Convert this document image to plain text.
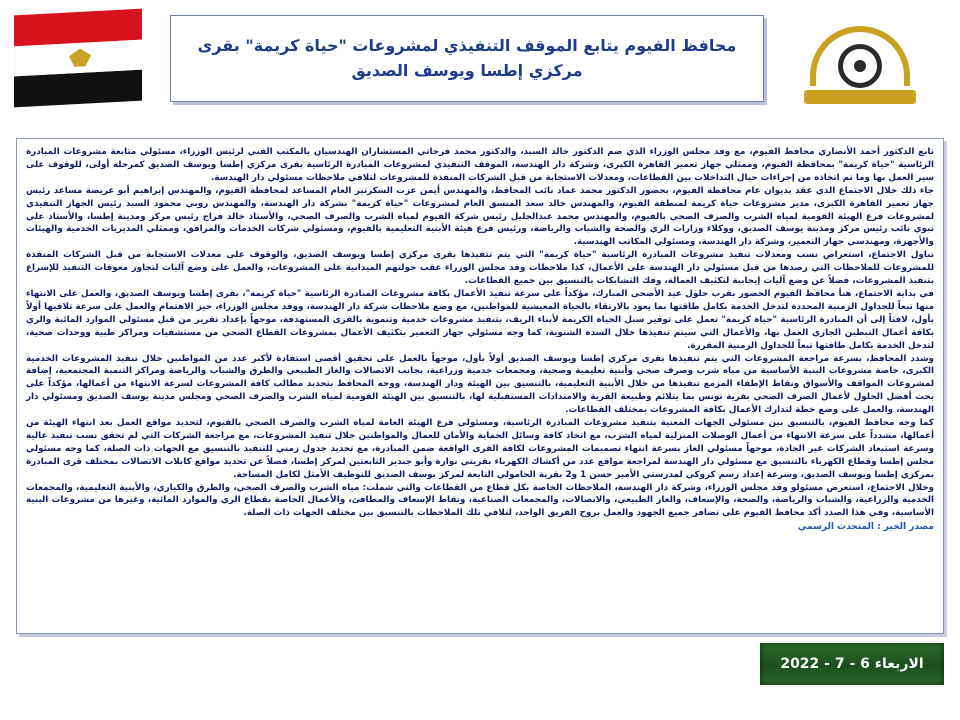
محافظ الفيوم يتابع الموقف التنفيذي لمشروعات "حياة كريمة" بقرى مركزي إطسا ويوسف الصديق

تابع الدكتور أحمد الأنصاري محافظ الفيوم، مع وفد مجلس الوزراء الذي ضم الدكتور خالد السيد، والدكتور محمد فرحاتي المستشاران الهندسيان بالمكتب الفني لرئيس الوزراء، مسئولي متابعة مشروعات المبادرة الرئاسية "حياة كريمة" بمحافظة الفيوم، وممثلي جهاز تعمير القاهرة الكبرى، وشركة دار الهندسة، الموقف التنفيذي لمشروعات المبادرة الرئاسية بقرى مركزي إطسا ويوسف الصديق كمرحلة أولى، للوقوف على سير العمل بها وما تم اتخاذه من إجراءات حيال التداخلات بين القطاعات، ومعدلات الاستجابة من قبل الشركات المنفذة للمشروعات لتلافي ملاحظات مسئولي دار الهندسة.

جاء ذلك خلال الاجتماع الذي عقد بديوان عام محافظة الفيوم، بحضور الدكتور محمد عماد نائب المحافظ، والمهندس أيمن عزت السكرتير العام المساعد لمحافظة الفيوم، والمهندس إبراهيم أبو عريضة مساعد رئيس جهاز تعمير القاهرة الكبرى، مدير مشروعات حياة كريمة لمنطقة الفيوم، والمهندس خالد سعد المنسق العام لمشروعات "حياة كريمة" بشركة دار الهندسة، والمهندس روبي محمود السيد رئيس الجهاز التنفيذي لمشروعات فرع الهيئة القومية لمياه الشرب والصرف الصحي بالفيوم، والمهندس محمد عبدالجليل رئيس شركة الفيوم لمياه الشرب والصرف الصحي، والأستاذ خالد فراج رئيس مركز ومدينة إطسا، والأستاذ علي نبوي نائب رئيس مركز ومدينة يوسف الصديق، ووكلاء وزارات الري والصحة والشباب والرياضة، ورئيس فرع هيئة الأبنية التعليمية بالفيوم، ومسئولي شركات الخدمات والمرافق، وممثلي المديريات الخدمية والهيئات والأجهزة، ومهندسي جهاز التعمير، وشركة دار الهندسة، ومسئولي المكاتب الهندسية.

تناول الاجتماع، استعراض نسب ومعدلات تنفيذ مشروعات المبادرة الرئاسية "حياة كريمة" التي يتم تنفيذها بقرى مركزي إطسا ويوسف الصديق، والوقوف على معدلات الاستجابة من قبل الشركات المنفذة للمشروعات للملاحظات التي رصدها من قبل مسئولي دار الهندسة على الأعمال، كذا ملاحظات وفد مجلس الوزراء عقب جولتهم الميدانية على المشروعات، والعمل على وضع آليات لتجاوز معوقات التنفيذ للإسراع بتنفيذ المشروعات، فضلاً عن وضع آليات إيجابية لتكثيف العمالة، وفك التشابكات بالتنسيق بين جميع القطاعات.

في بداية الاجتماع، هنأ محافظ الفيوم الحضور بقرب حلول عيد الأضحى المبارك، مؤكداً على سرعة تنفيذ الأعمال بكافة مشروعات المبادرة الرئاسية "حياة كريمة"، بقرى إطسا ويوسف الصديق، والعمل على الانتهاء منها تبعاً للجداول الزمنية المحددة لتدخل الخدمة بكامل طاقتها بما يعود بالارتقاء بالحياة المعيشية للمواطنين، مع وضع ملاحظات شركة دار الهندسة، ووفد مجلس الوزراء، حيز الاهتمام والعمل على سرعة تلافيها أولاً بأول، لافتاً إلى أن المبادرة الرئاسية "حياة كريمة" تعمل على توفير سبل الحياة الكريمة لأبناء الريف، بتنفيذ مشروعات خدمية وتنموية بالقرى المستهدفة، موجهاً بإعداد تقرير من قبل مسئولي الموارد المائية والري بكافة أعمال التبطين الجاري العمل بها، والأعمال التي سيتم تنفيذها خلال السدة الشتوية، كما وجه مسئولي جهاز التعمير بتكثيف الأعمال بمشروعات القطاع الصحي من مستشفيات ومراكز طبية ووحدات صحية، لتدخل الخدمة بكامل طاقتها تبعاً للجداول الزمنية المقررة.

وشدد المحافظ، بسرعة مراجعة المشروعات التي يتم تنفيذها بقرى مركزي إطسا ويوسف الصديق أولاً بأول، موجهاً بالعمل على تحقيق أقصى استفادة لأكبر عدد من المواطنين خلال تنفيذ المشروعات الخدمية الكبرى، خاصة مشروعات البنية الأساسية من مياه شرب وصرف صحي وأبنية تعليمية وصحية، ومجمعات خدمية وزراعية، بجانب الاتصالات والغاز الطبيعي والطرق والشباب والرياضة ومراكز التنمية المجتمعية، إضافة لمشروعات المواقف والأسواق ونقاط الإطفاء المزمع تنفيذها من خلال الأبنية التعليمية، بالتنسيق بين الهيئة ودار الهندسة، ووجه المحافظ بتحديد مطالب كافة المشروعات لسرعة الانتهاء من أعمالها، مؤكداً على بحث أفضل الحلول لأعمال الصرف الصحي بقرية تونس بما يتلائم وطبيعة القرية والامتدادات المستقبلية لها، بالتنسيق بين الهيئة القومية لمياه الشرب والصرف الصحي ومجلس مدينة يوسف الصديق ومسئولي دار الهندسة، والعمل على وضع خطة لتدارك الأعمال بكافة المشروعات بمختلف القطاعات.

كما وجه محافظ الفيوم، بالتنسيق بين مسئولي الجهات المعنية بتنفيذ مشروعات المبادرة الرئاسية، ومسئولي فرع الهيئة العامة لمياه الشرب والصرف الصحي بالفيوم، لتحديد مواقع العمل بعد انتهاء الهيئة من أعمالها، مشدداً على سرعة الانتهاء من أعمال الوصلات المنزلية لمياه الشرب، مع اتخاذ كافة وسائل الحماية والأمان للعمال والمواطنين خلال تنفيذ المشروعات، مع مراجعة الشركات التي لم تحقق نسب تنفيذ عالية وسرعة استبعاد الشركات غير الجادة، موجهاً مسئولي الغاز بسرعة انتهاء تصميمات المشروعات لكافة القرى الواقعة ضمن المبادرة، مع تحديد جدول زمني للتنفيذ بالتنسيق مع الجهات ذات الصلة، كما وجه مسئولي مجلس إطسا وقطاع الكهرباء بالتنسيق مع مسئولي دار الهندسة لمراجعة مواقع عدد من أكشاك الكهرباء بقريتي نوارة وأبو جندير التابعتين لمركز إطسا، فضلاً عن تحديد مواقع كابلات الاتصالات بمختلف قرى المبادرة بمركزي إطسا ويوسف الصديق، وسرعة إعداد رسم كروكي لمدرستي الأمير حسن 1 و2 بقرية الحامولي التابعة لمركز يوسف الصديق للتوظيف الأمثل لكامل المساحة.

وخلال الاجتماع، استعرض مسئولو وفد مجلس الوزراء، وشركة دار الهندسة، الملاحظات الخاصة بكل قطاع من القطاعات والتي شملت: مياه الشرب والصرف الصحي، والطرق والكباري، والأبنية التعليمية، والمجمعات الخدمية والزراعية، والشباب والرياضة، والصحة، والإسعاف، والغاز الطبيعي، والاتصالات، والمجمعات الصناعية، ونقاط الإسعاف والمطافئ، والأعمال الخاصة بقطاع الري والموارد المائية، وغيرها من مشروعات البنية الأساسية، وفي هذا الصدد أكد محافظ الفيوم على تضافر جميع الجهود والعمل بروح الفريق الواحد، لتلافي تلك الملاحظات بالتنسيق بين مختلف الجهات ذات الصلة.

مصدر الخبر : المتحدث الرسمي
الاربعاء 6 - 7 - 2022
